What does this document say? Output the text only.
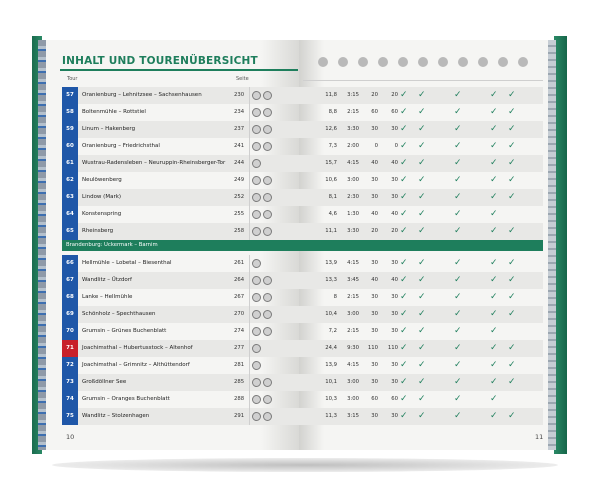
INHALT UND TOURENÜBERSICHT
Tour	Seite
57	Oranienburg – Lehnitzsee – Sachsenhausen	230	11,8	3:15	20	20 ✓ ✓	✓	✓ ✓
58	Boltenmühle – Rottstiel	234	8,8	2:15	60	60 ✓ ✓	✓	✓ ✓
59	Linum – Hakenberg	237	12,6	3:30	30	30 ✓ ✓	✓	✓ ✓
60	Oranienburg – Friedrichsthal	241	7,3	2:00	0	0 ✓ ✓	✓	✓ ✓
61	Wustrau-Radensleben – Neuruppin-Rheinsberger-Tor 244	15,7	4:15	40	40 ✓ ✓	✓	✓ ✓
62	Neulöwenberg	249	10,6	3:00	30	30 ✓ ✓	✓	✓ ✓
63	Lindow (Mark)	252	8,1	2:30	30	30 ✓ ✓	✓	✓ ✓
64	Konstenspring	255	4,6	1:30	40	40 ✓ ✓	✓	✓
65	Rheinsberg	258	11,1	3:30	20	20 ✓ ✓	✓	✓ ✓
66	Hellmühle – Lobetal – Biesenthal	261	13,9	4:15	30	30 ✓ ✓	✓	✓ ✓
67	Wandlitz – Ützdorf	264	13,3	3:45	40	40 ✓ ✓	✓	✓ ✓
68	Lanke – Hellmühle	267	8	2:15	30	30 ✓ ✓	✓	✓ ✓
69	Schönholz – Spechthausen	270	10,4	3:00	30	30 ✓ ✓	✓	✓ ✓
70	Grumsin – Grünes Buchenblatt	274	7,2	2:15	30	30 ✓ ✓	✓	✓
71	Joachimsthal – Hubertusstock – Altenhof	277	24,4	9:30	110	110 ✓ ✓	✓	✓ ✓
72	Joachimsthal – Grimnitz – Althüttendorf	281	13,9	4:15	30	30 ✓ ✓	✓	✓ ✓
73	Großdöllner See	285	10,1	3:00	30	30 ✓ ✓	✓	✓ ✓
74	Grumsin – Oranges Buchenblatt	288	10,3	3:00	60	60 ✓ ✓	✓	✓
75	Wandlitz – Stolzenhagen	291	11,3	3:15	30	30 ✓ ✓	✓	✓ ✓
Brandenburg: Uckermark – Barnim
10	11
